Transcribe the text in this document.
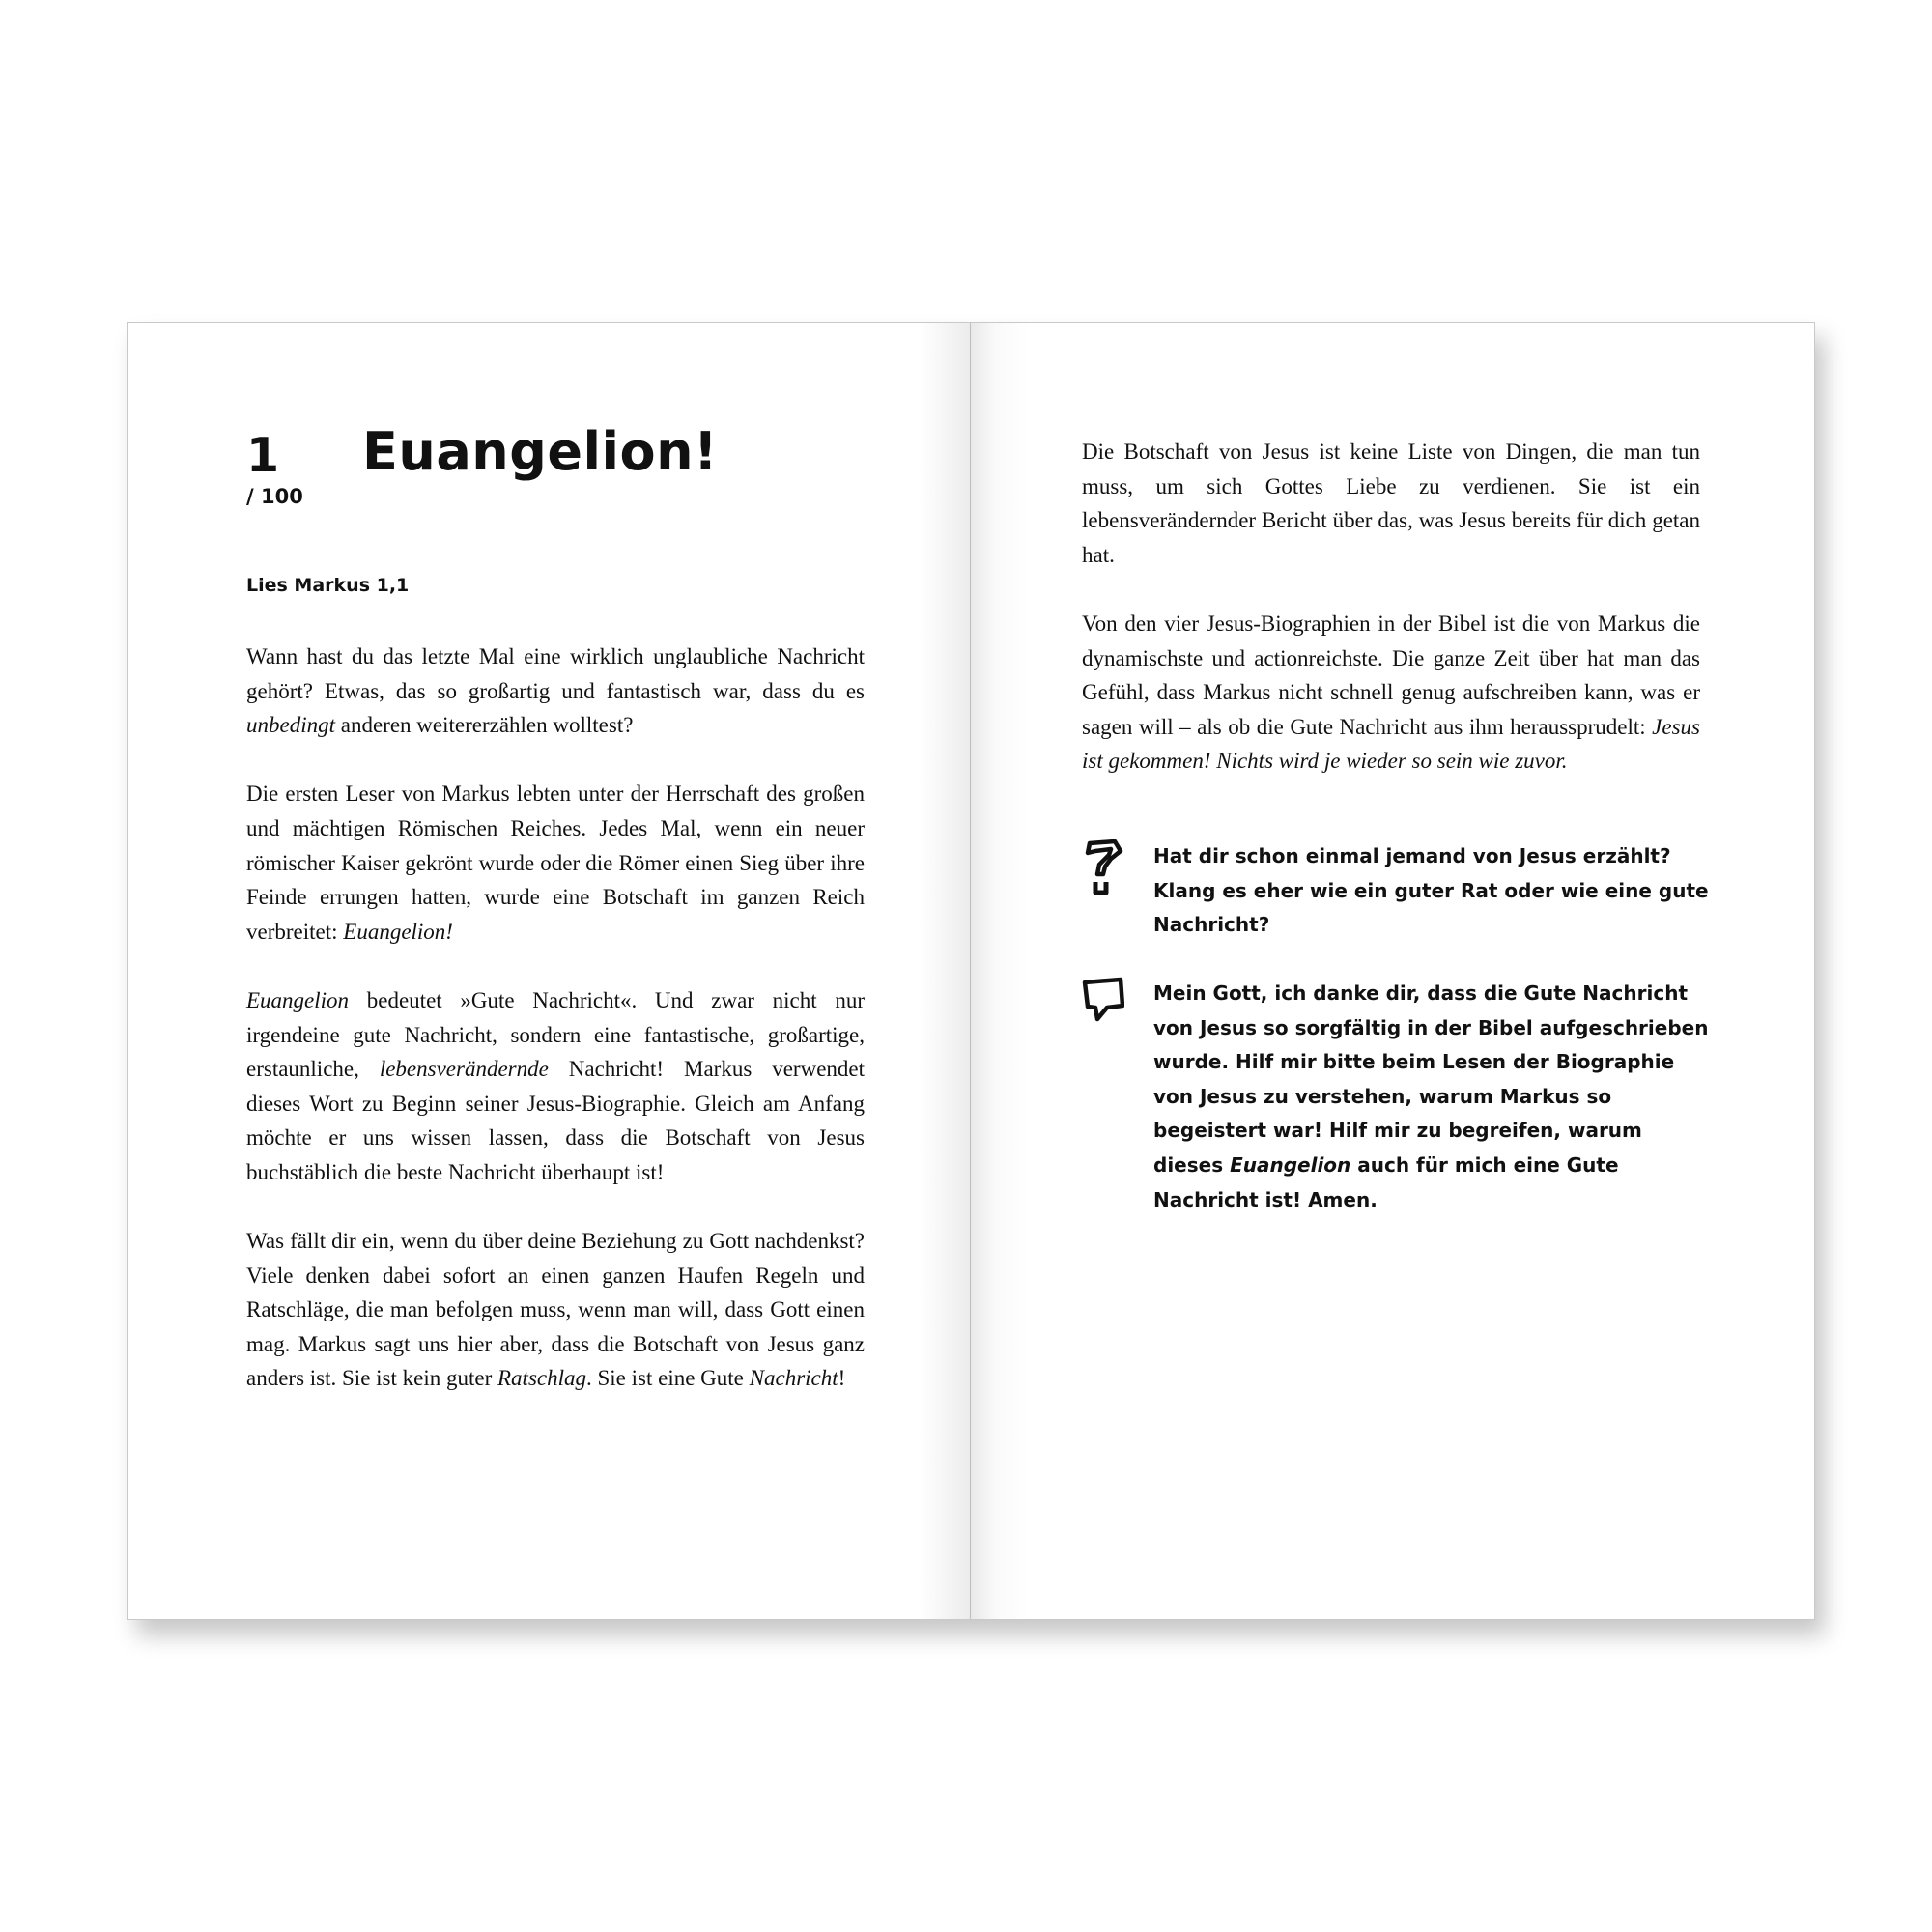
1
/ 100
Euangelion!
Lies Markus 1,1

Wann hast du das letzte Mal eine wirklich unglaubliche Nachricht gehört? Etwas, das so großartig und fantastisch war, dass du es unbedingt anderen weitererzählen wolltest?

Die ersten Leser von Markus lebten unter der Herrschaft des großen und mächtigen Römischen Reiches. Jedes Mal, wenn ein neuer römischer Kaiser gekrönt wurde oder die Römer einen Sieg über ihre Feinde errungen hatten, wurde eine Botschaft im ganzen Reich verbreitet: Euangelion!

Euangelion bedeutet »Gute Nachricht«. Und zwar nicht nur irgendeine gute Nachricht, sondern eine fantastische, großartige, erstaunliche, lebensverändernde Nachricht! Markus verwendet dieses Wort zu Beginn seiner Jesus-Biographie. Gleich am Anfang möchte er uns wissen lassen, dass die Botschaft von Jesus buchstäblich die beste Nachricht überhaupt ist!

Was fällt dir ein, wenn du über deine Beziehung zu Gott nachdenkst? Viele denken dabei sofort an einen ganzen Haufen Regeln und Ratschläge, die man befolgen muss, wenn man will, dass Gott einen mag. Markus sagt uns hier aber, dass die Botschaft von Jesus ganz anders ist. Sie ist kein guter Ratschlag. Sie ist eine Gute Nachricht!

Die Botschaft von Jesus ist keine Liste von Dingen, die man tun muss, um sich Gottes Liebe zu verdienen. Sie ist ein lebensverändernder Bericht über das, was Jesus bereits für dich getan hat.

Von den vier Jesus-Biographien in der Bibel ist die von Markus die dynamischste und actionreichste. Die ganze Zeit über hat man das Gefühl, dass Markus nicht schnell genug aufschreiben kann, was er sagen will – als ob die Gute Nachricht aus ihm heraussprudelt: Jesus ist gekommen! Nichts wird je wieder so sein wie zuvor.

Hat dir schon einmal jemand von Jesus erzählt? Klang es eher wie ein guter Rat oder wie eine gute Nachricht?
Mein Gott, ich danke dir, dass die Gute Nachricht von Jesus so sorgfältig in der Bibel aufgeschrieben wurde. Hilf mir bitte beim Lesen der Biographie von Jesus zu verstehen, warum Markus so begeistert war! Hilf mir zu begreifen, warum dieses Euangelion auch für mich eine Gute Nachricht ist! Amen.
